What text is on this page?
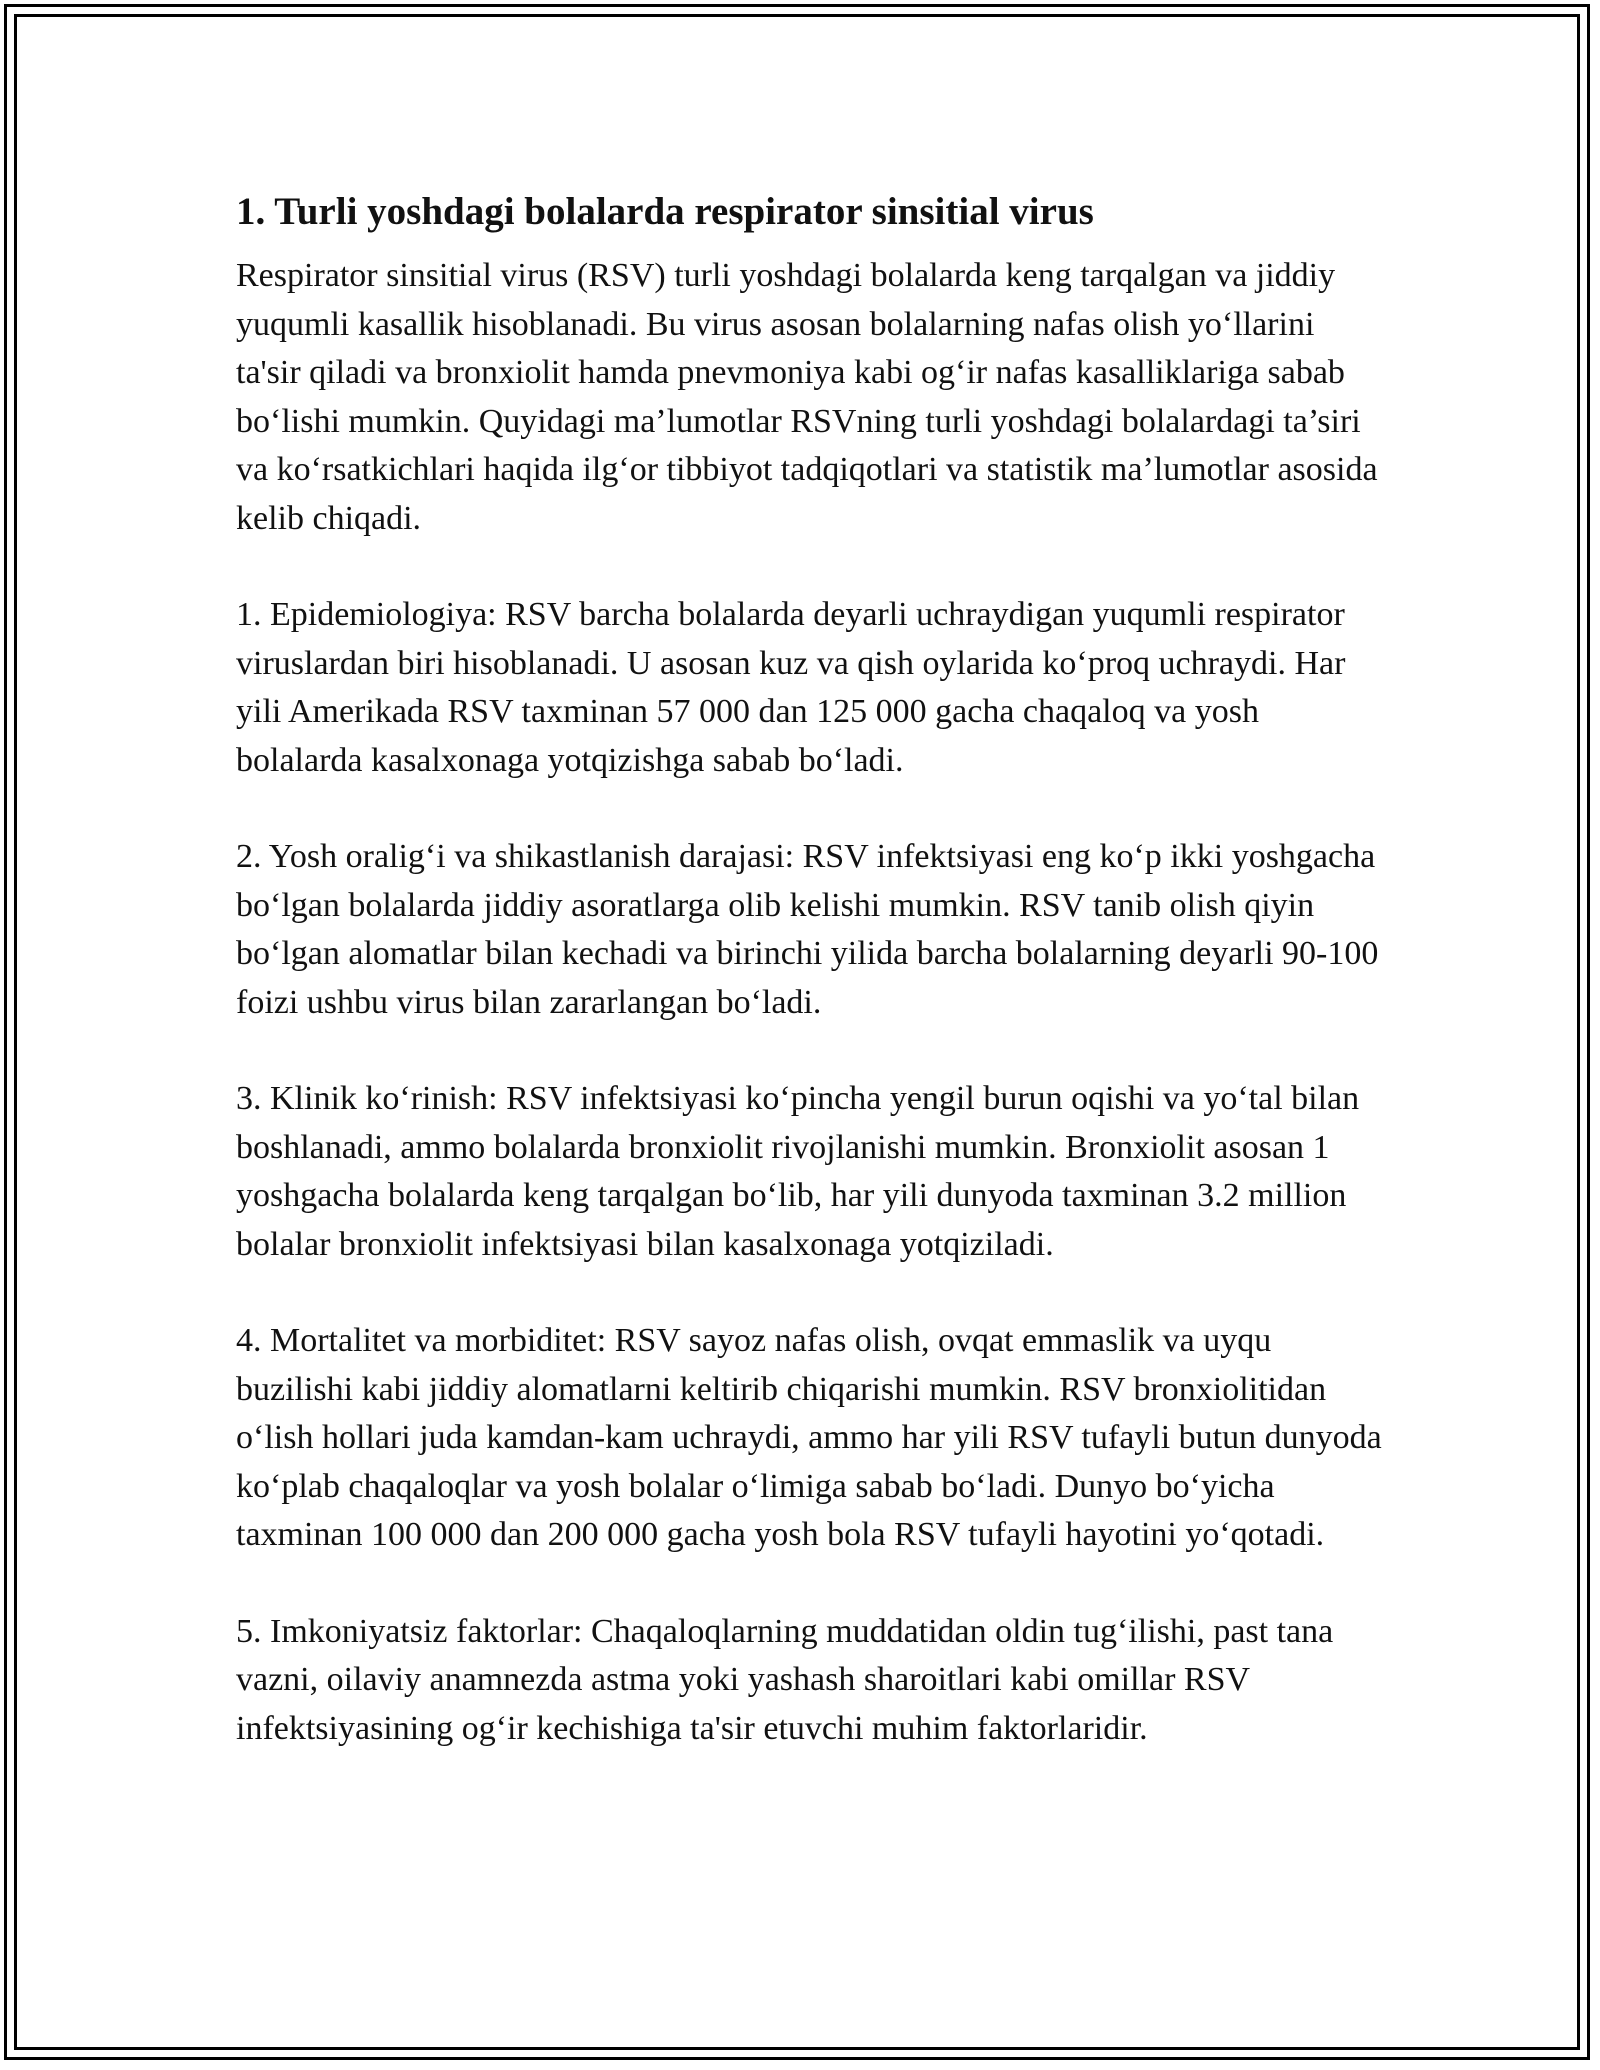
1. Turli yoshdagi bolalarda respirator sinsitial virus

Respirator sinsitial virus (RSV) turli yoshdagi bolalarda keng tarqalgan va jiddiy yuqumli kasallik hisoblanadi. Bu virus asosan bolalarning nafas olish yo‘llarini ta'sir qiladi va bronxiolit hamda pnevmoniya kabi og‘ir nafas kasalliklariga sabab bo‘lishi mumkin. Quyidagi ma’lumotlar RSVning turli yoshdagi bolalardagi ta’siri va ko‘rsatkichlari haqida ilg‘or tibbiyot tadqiqotlari va statistik ma’lumotlar asosida kelib chiqadi.

1. Epidemiologiya: RSV barcha bolalarda deyarli uchraydigan yuqumli respirator viruslardan biri hisoblanadi. U asosan kuz va qish oylarida ko‘proq uchraydi. Har yili Amerikada RSV taxminan 57 000 dan 125 000 gacha chaqaloq va yosh bolalarda kasalxonaga yotqizishga sabab bo‘ladi.

2. Yosh oralig‘i va shikastlanish darajasi: RSV infektsiyasi eng ko‘p ikki yoshgacha bo‘lgan bolalarda jiddiy asoratlarga olib kelishi mumkin. RSV tanib olish qiyin bo‘lgan alomatlar bilan kechadi va birinchi yilida barcha bolalarning deyarli 90-100 foizi ushbu virus bilan zararlangan bo‘ladi.

3. Klinik ko‘rinish: RSV infektsiyasi ko‘pincha yengil burun oqishi va yo‘tal bilan boshlanadi, ammo bolalarda bronxiolit rivojlanishi mumkin. Bronxiolit asosan 1 yoshgacha bolalarda keng tarqalgan bo‘lib, har yili dunyoda taxminan 3.2 million bolalar bronxiolit infektsiyasi bilan kasalxonaga yotqiziladi.

4. Mortalitet va morbiditet: RSV sayoz nafas olish, ovqat emmaslik va uyqu buzilishi kabi jiddiy alomatlarni keltirib chiqarishi mumkin. RSV bronxiolitidan o‘lish hollari juda kamdan-kam uchraydi, ammo har yili RSV tufayli butun dunyoda ko‘plab chaqaloqlar va yosh bolalar o‘limiga sabab bo‘ladi. Dunyo bo‘yicha taxminan 100 000 dan 200 000 gacha yosh bola RSV tufayli hayotini yo‘qotadi.

5. Imkoniyatsiz faktorlar: Chaqaloqlarning muddatidan oldin tug‘ilishi, past tana vazni, oilaviy anamnezda astma yoki yashash sharoitlari kabi omillar RSV infektsiyasining og‘ir kechishiga ta'sir etuvchi muhim faktorlaridir.
